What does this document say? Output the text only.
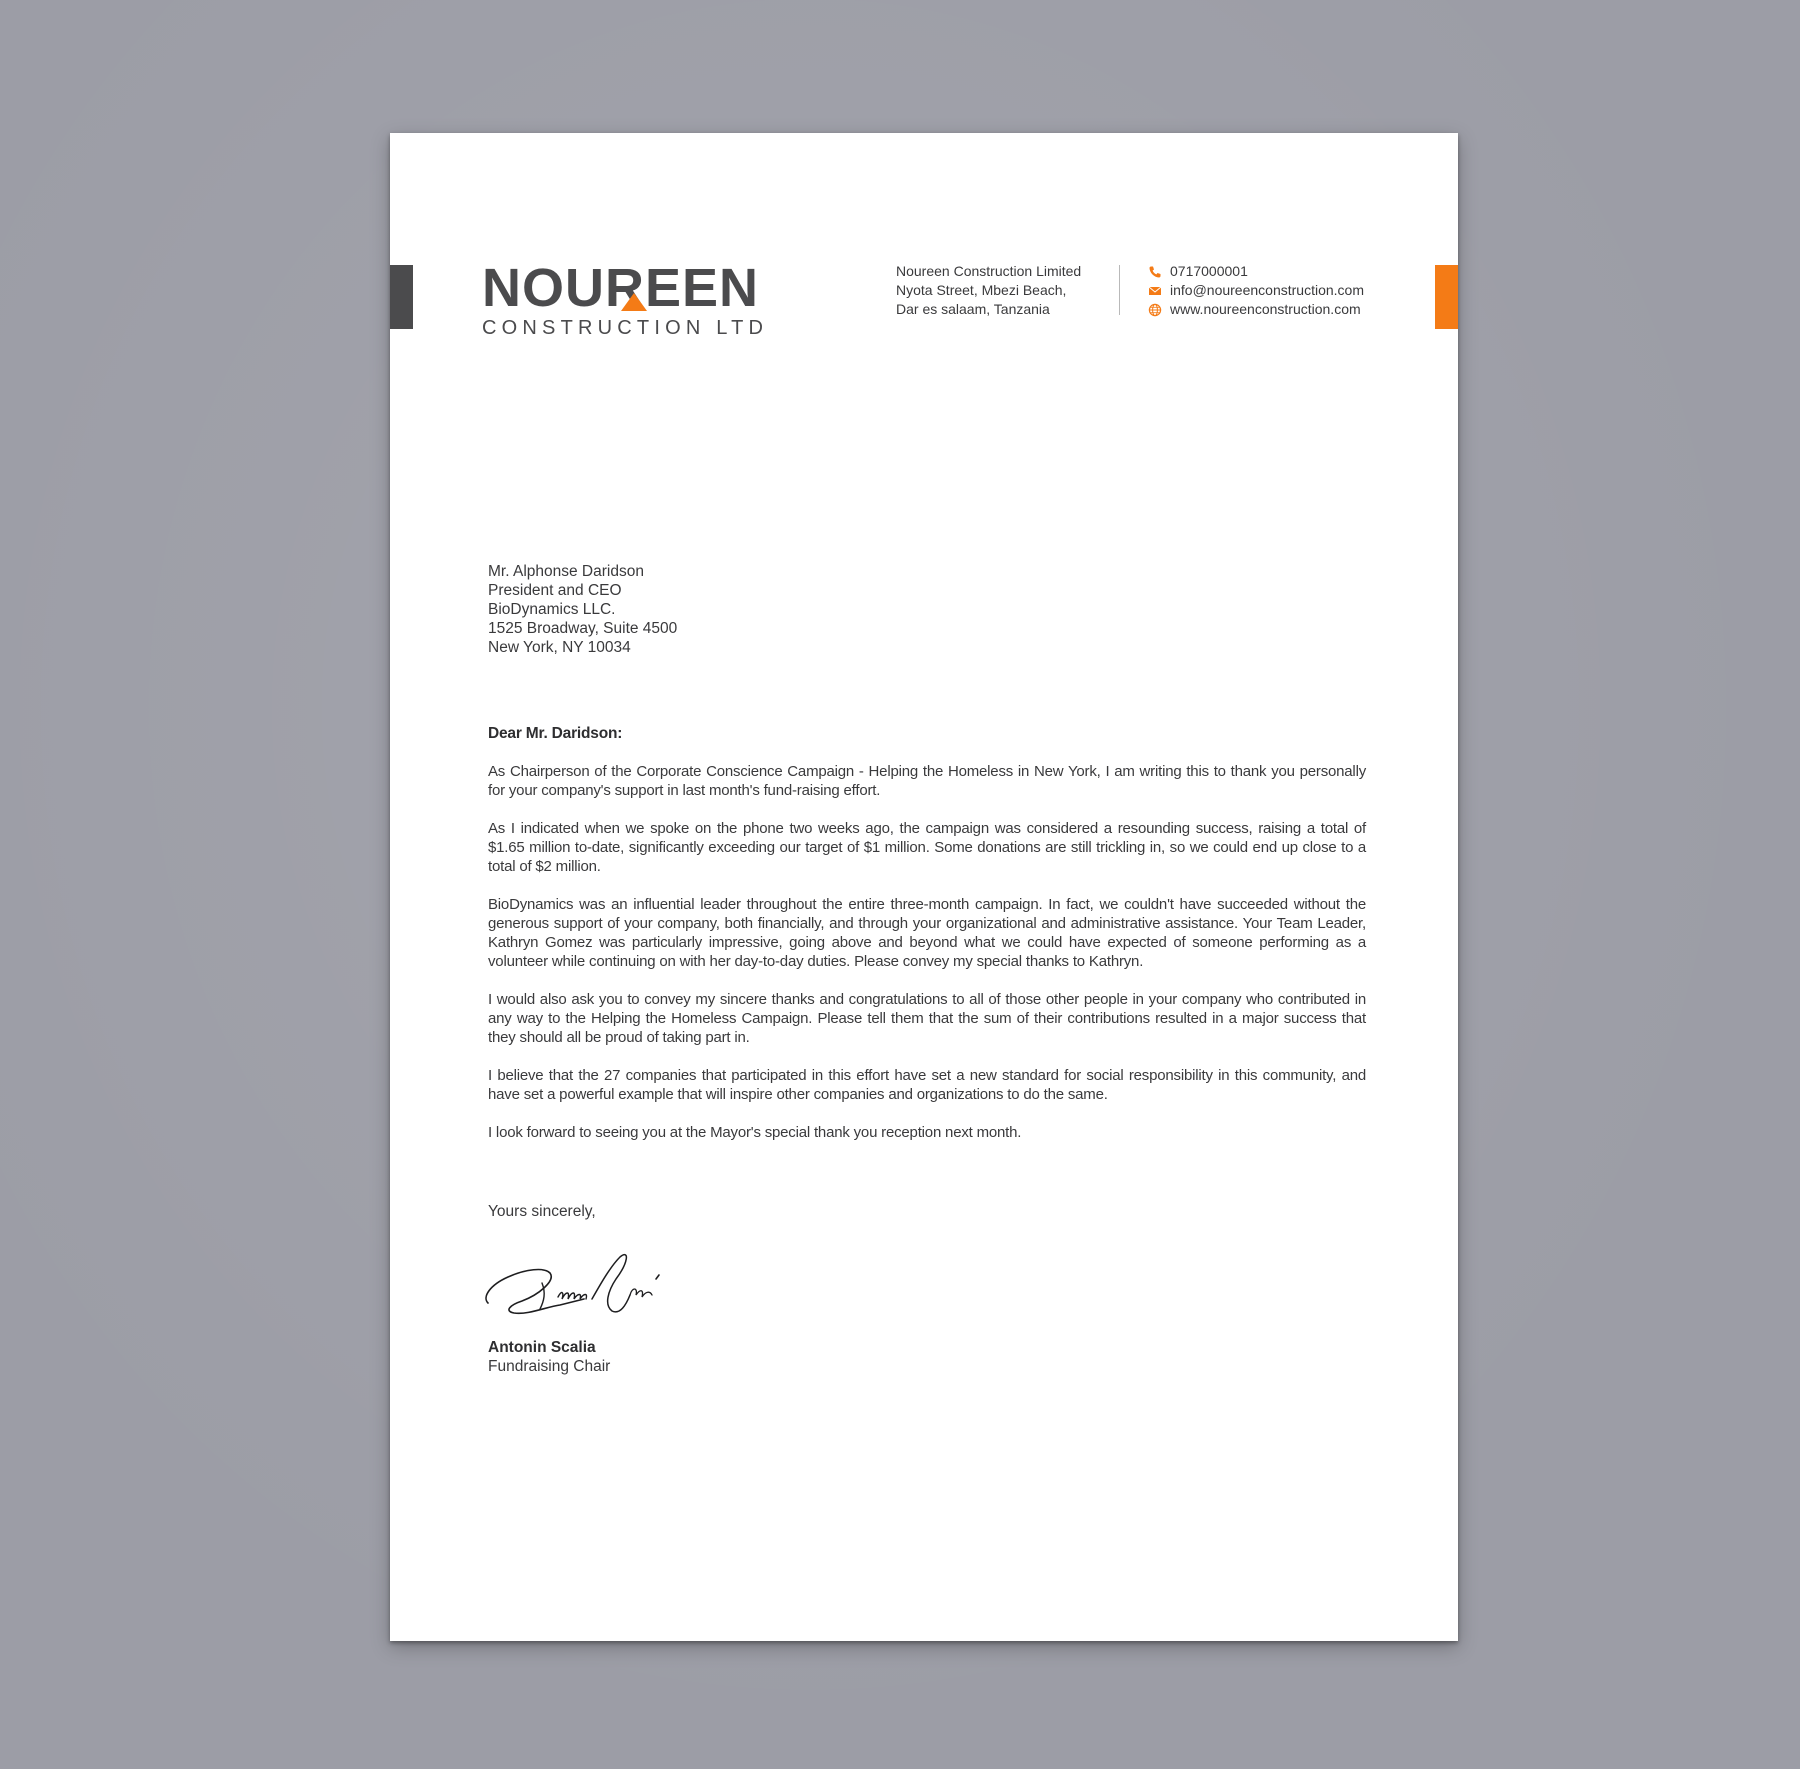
NOUREEN
CONSTRUCTION LTD
Noureen Construction Limited
Nyota Street, Mbezi Beach,
Dar es salaam, Tanzania
0717000001
info@noureenconstruction.com
www.noureenconstruction.com
Mr. Alphonse Daridson
President and CEO
BioDynamics LLC.
1525 Broadway, Suite 4500
New York, NY 10034

Dear Mr. Daridson:

As Chairperson of the Corporate Conscience Campaign - Helping the Homeless in New York, I am writing this to thank you personally for your company's support in last month's fund-raising effort.

As I indicated when we spoke on the phone two weeks ago, the campaign was considered a resounding success, raising a total of $1.65 million to-date, significantly exceeding our target of $1 million. Some donations are still trickling in, so we could end up close to a total of $2 million.

BioDynamics was an influential leader throughout the entire three-month campaign. In fact, we couldn't have succeeded without the generous support of your company, both financially, and through your organizational and administrative assistance. Your Team Leader, Kathryn Gomez was particularly impressive, going above and beyond what we could have expected of someone performing as a volunteer while continuing on with her day-to-day duties. Please convey my special thanks to Kathryn.

I would also ask you to convey my sincere thanks and congratulations to all of those other people in your company who contributed in any way to the Helping the Homeless Campaign. Please tell them that the sum of their contributions resulted in a major success that they should all be proud of taking part in.

I believe that the 27 companies that participated in this effort have set a new standard for social responsibility in this community, and have set a powerful example that will inspire other companies and organizations to do the same.

I look forward to seeing you at the Mayor's special thank you reception next month.

Yours sincerely,
Antonin Scalia
Fundraising Chair
